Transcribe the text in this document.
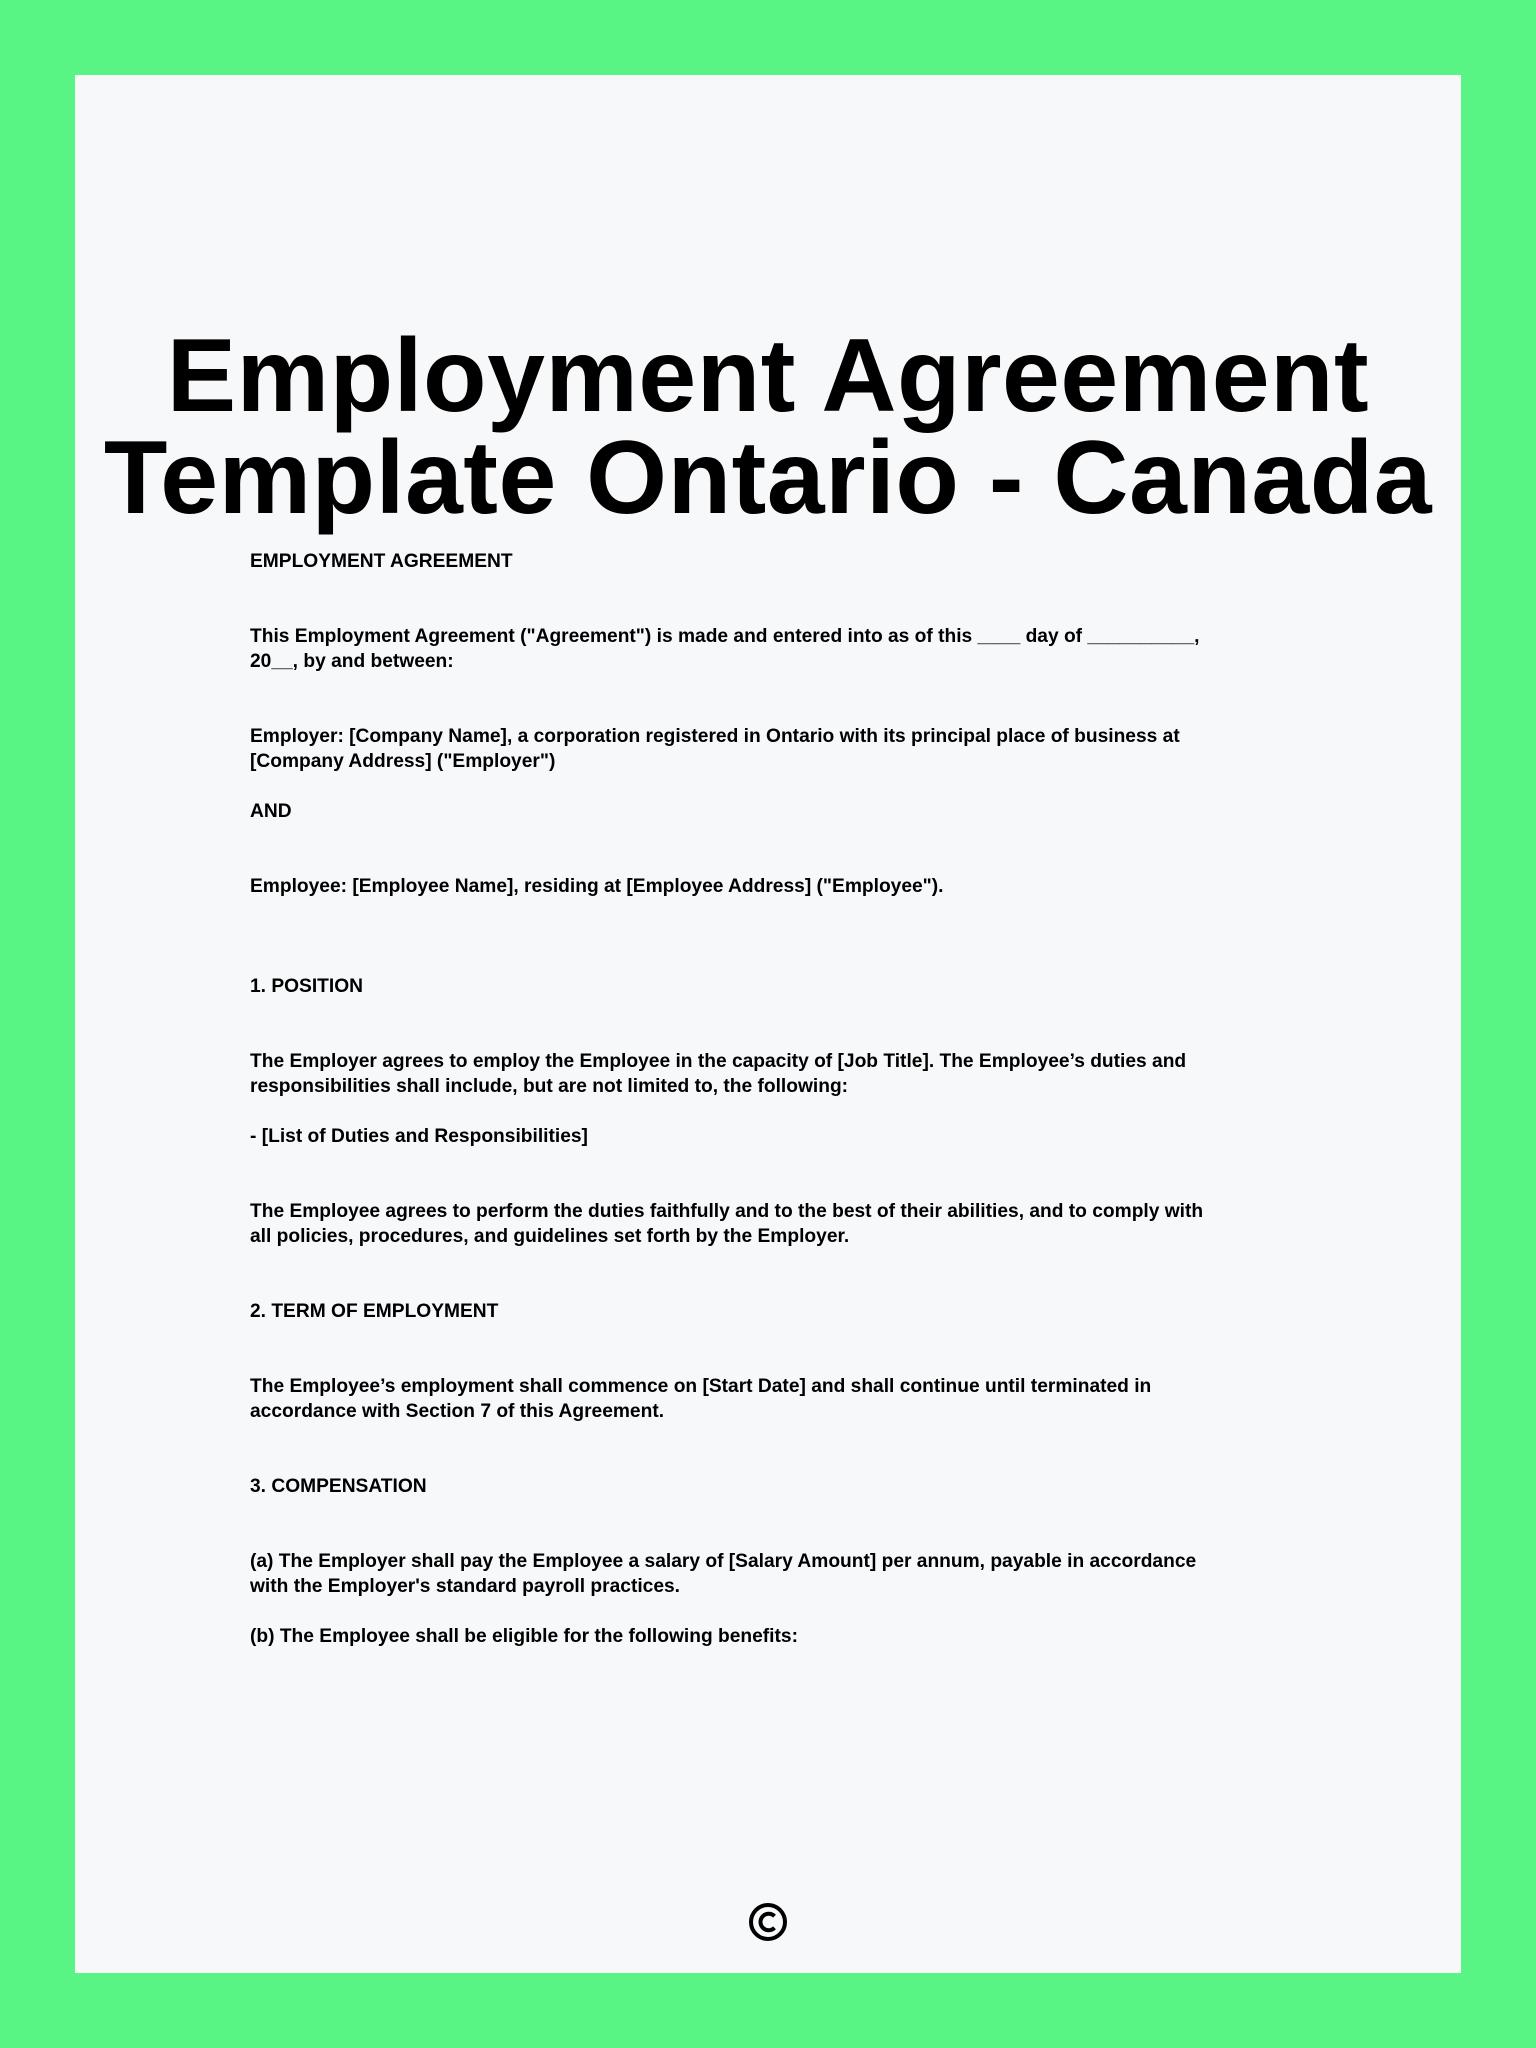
Employment Agreement
Template Ontario - Canada

EMPLOYMENT AGREEMENT

This Employment Agreement ("Agreement") is made and entered into as of this ____ day of __________,
20__, by and between:

Employer: [Company Name], a corporation registered in Ontario with its principal place of business at
[Company Address] ("Employer")

AND

Employee: [Employee Name], residing at [Employee Address] ("Employee").

1. POSITION

The Employer agrees to employ the Employee in the capacity of [Job Title]. The Employee’s duties and
responsibilities shall include, but are not limited to, the following:

- [List of Duties and Responsibilities]

The Employee agrees to perform the duties faithfully and to the best of their abilities, and to comply with
all policies, procedures, and guidelines set forth by the Employer.

2. TERM OF EMPLOYMENT

The Employee’s employment shall commence on [Start Date] and shall continue until terminated in
accordance with Section 7 of this Agreement.

3. COMPENSATION

(a) The Employer shall pay the Employee a salary of [Salary Amount] per annum, payable in accordance
with the Employer's standard payroll practices.

(b) The Employee shall be eligible for the following benefits:
